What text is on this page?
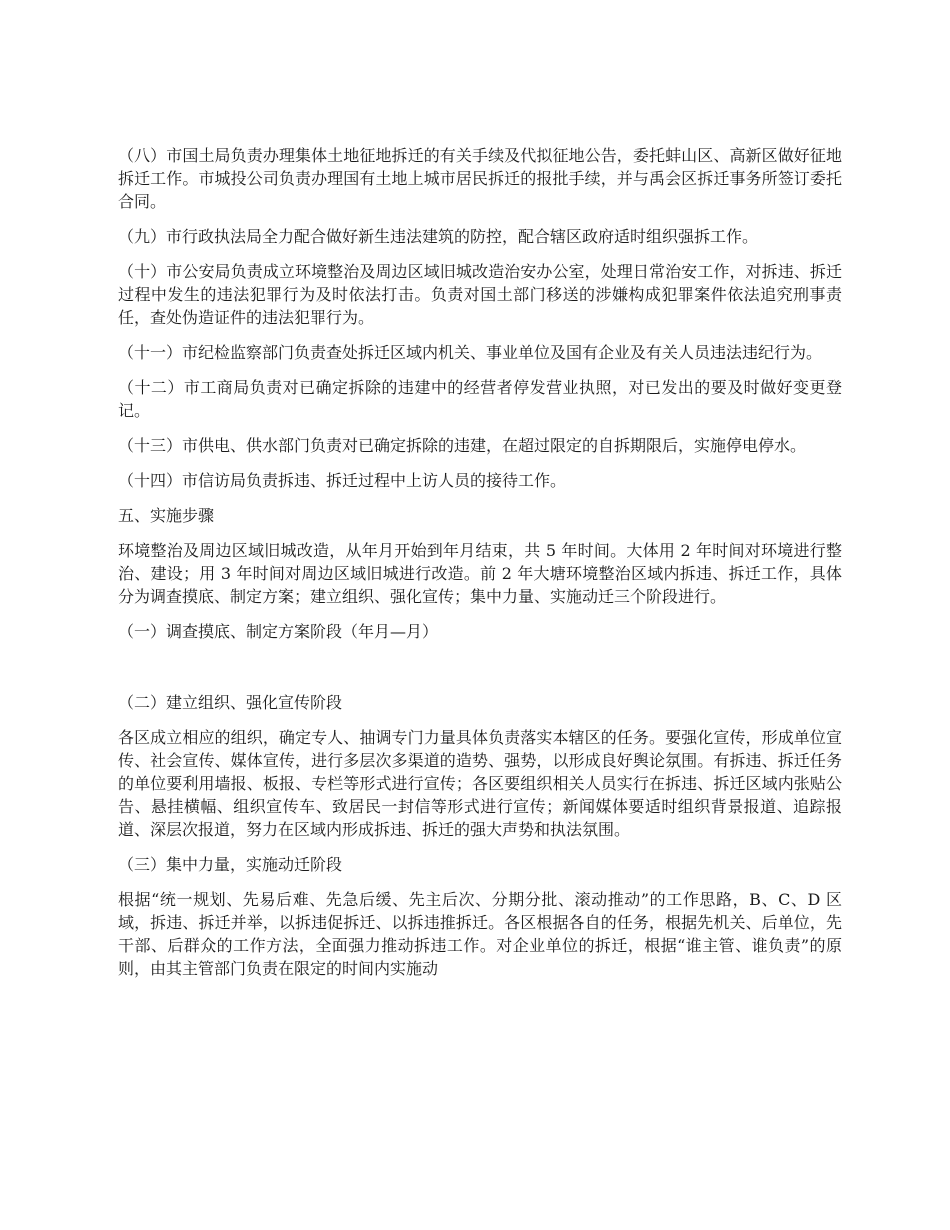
（八）市国土局负责办理集体土地征地拆迁的有关手续及代拟征地公告，委托蚌山区、高新区做好征地拆迁工作。市城投公司负责办理国有土地上城市居民拆迁的报批手续，并与禹会区拆迁事务所签订委托合同。

（九）市行政执法局全力配合做好新生违法建筑的防控，配合辖区政府适时组织强拆工作。

（十）市公安局负责成立环境整治及周边区域旧城改造治安办公室，处理日常治安工作，对拆违、拆迁过程中发生的违法犯罪行为及时依法打击。负责对国土部门移送的涉嫌构成犯罪案件依法追究刑事责任，查处伪造证件的违法犯罪行为。

（十一）市纪检监察部门负责查处拆迁区域内机关、事业单位及国有企业及有关人员违法违纪行为。

（十二）市工商局负责对已确定拆除的违建中的经营者停发营业执照，对已发出的要及时做好变更登记。

（十三）市供电、供水部门负责对已确定拆除的违建，在超过限定的自拆期限后，实施停电停水。

（十四）市信访局负责拆违、拆迁过程中上访人员的接待工作。

五、实施步骤

环境整治及周边区域旧城改造，从年月开始到年月结束，共 5 年时间。大体用 2 年时间对环境进行整治、建设；用 3 年时间对周边区域旧城进行改造。前 2 年大塘环境整治区域内拆违、拆迁工作，具体分为调查摸底、制定方案；建立组织、强化宣传；集中力量、实施动迁三个阶段进行。

（一）调查摸底、制定方案阶段（年月—月）

（二）建立组织、强化宣传阶段

各区成立相应的组织，确定专人、抽调专门力量具体负责落实本辖区的任务。要强化宣传，形成单位宣传、社会宣传、媒体宣传，进行多层次多渠道的造势、强势，以形成良好舆论氛围。有拆违、拆迁任务的单位要利用墙报、板报、专栏等形式进行宣传；各区要组织相关人员实行在拆违、拆迁区域内张贴公告、悬挂横幅、组织宣传车、致居民一封信等形式进行宣传；新闻媒体要适时组织背景报道、追踪报道、深层次报道，努力在区域内形成拆违、拆迁的强大声势和执法氛围。

（三）集中力量，实施动迁阶段

根据“统一规划、先易后难、先急后缓、先主后次、分期分批、滚动推动”的工作思路，B、C、D 区域，拆违、拆迁并举，以拆违促拆迁、以拆违推拆迁。各区根据各自的任务，根据先机关、后单位，先干部、后群众的工作方法，全面强力推动拆违工作。对企业单位的拆迁，根据“谁主管、谁负责”的原则，由其主管部门负责在限定的时间内实施动
